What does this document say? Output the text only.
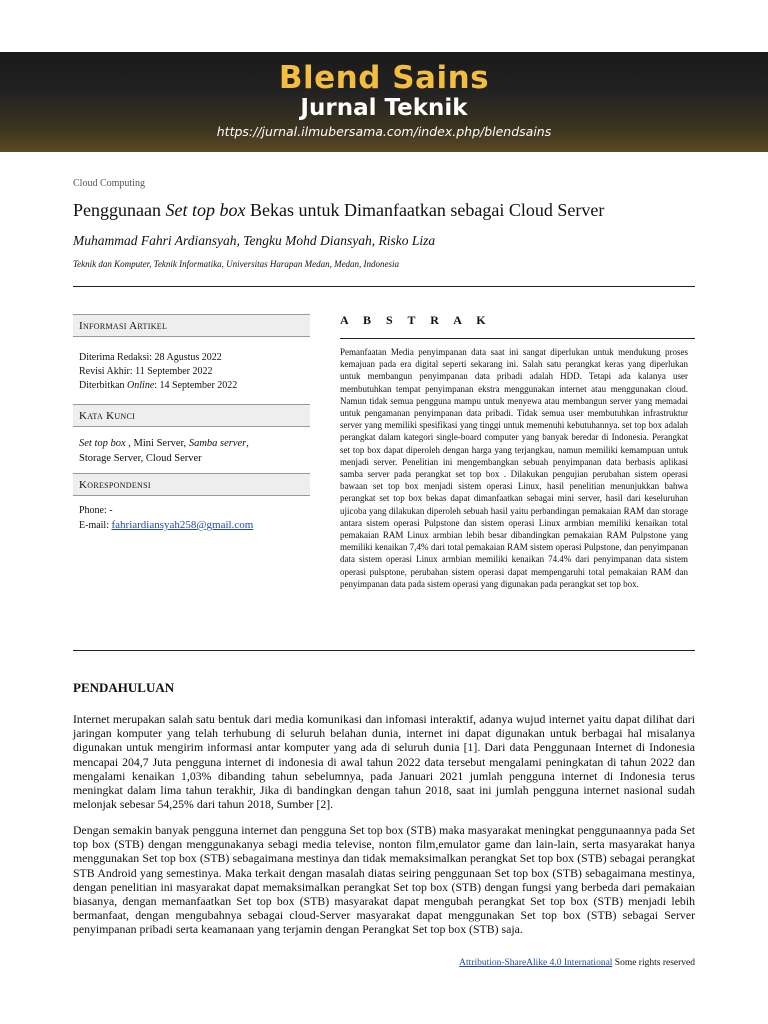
Blend Sains
Jurnal Teknik
https://jurnal.ilmubersama.com/index.php/blendsains
Cloud Computing
Penggunaan Set top box Bekas untuk Dimanfaatkan sebagai Cloud Server
Muhammad Fahri Ardiansyah, Tengku Mohd Diansyah, Risko Liza
Teknik dan Komputer, Teknik Informatika, Universitas Harapan Medan, Medan, Indonesia
Informasi Artikel
Diterima Redaksi: 28 Agustus 2022
Revisi Akhir: 11 September 2022
Diterbitkan Online: 14 September 2022
Kata Kunci
Set top box , Mini Server, Samba server,
Storage Server, Cloud Server
Korespondensi
Phone: -
E-mail: fahriardiansyah258@gmail.com
A B S T R A K
Pemanfaatan Media penyimpanan data saat ini sangat diperlukan untuk mendukung proses kemajuan pada era digital seperti sekarang ini. Salah satu perangkat keras yang diperlukan untuk membangun penyimpanan data pribadi adalah HDD. Tetapi ada kalanya user membutuhkan tempat penyimpanan ekstra menggunakan internet atau menggunakan cloud. Namun tidak semua pengguna mampu untuk menyewa atau membangun server yang memadai untuk pengamanan penyimpanan data pribadi. Tidak semua user membutuhkan infrastruktur server yang memiliki spesifikasi yang tinggi untuk memenuhi kebutuhannya. set top box adalah perangkat dalam kategori single-board computer yang banyak beredar di Indonesia. Perangkat set top box dapat diperoleh dengan harga yang terjangkau, namun memiliki kemampuan untuk menjadi server. Penelitian ini mengembangkan sebuah penyimpanan data berbasis aplikasi samba server pada perangkat set top box . Dilakukan pengujian perubahan sistem operasi bawaan set top box menjadi sistem operasi Linux, hasil penelitian menunjukkan bahwa perangkat set top box bekas dapat dimanfaatkan sebagai mini server, hasil dari keseluruhan ujicoba yang dilakukan diperoleh sebuah hasil yaitu perbandingan pemakaian RAM dan storage antara sistem operasi Pulpstone dan sistem operasi Linux armbian memiliki kenaikan total pemakaian RAM Linux armbian lebih besar dibandingkan pemakaian RAM Pulpstone yang memiliki kenaikan 7,4% dari total pemakaian RAM sistem operasi Pulpstone, dan penyimpanan data sistem operasi Linux armbian memiliki kenaikan 74.4% dari penyimpanan data sistem operasi pulsptone, perubahan sistem operasi dapat mempengaruhi total pemakaian RAM dan penyimpanan data pada sistem operasi yang digunakan pada perangkat set top box.
PENDAHULUAN
Internet merupakan salah satu bentuk dari media komunikasi dan infomasi interaktif, adanya wujud internet yaitu dapat dilihat dari jaringan komputer yang telah terhubung di seluruh belahan dunia, internet ini dapat digunakan untuk berbagai hal misalanya digunakan untuk mengirim informasi antar komputer yang ada di seluruh dunia [1]. Dari data Penggunaan Internet di Indonesia mencapai 204,7 Juta pengguna internet di indonesia di awal tahun 2022 data tersebut mengalami peningkatan di tahun 2022 dan mengalami kenaikan 1,03% dibanding tahun sebelumnya, pada Januari 2021 jumlah pengguna internet di Indonesia terus meningkat dalam lima tahun terakhir, Jika di bandingkan dengan tahun 2018, saat ini jumlah pengguna internet nasional sudah melonjak sebesar 54,25% dari tahun 2018, Sumber [2].
Dengan semakin banyak pengguna internet dan pengguna Set top box (STB) maka masyarakat meningkat penggunaannya pada Set top box (STB) dengan menggunakanya sebagi media televise, nonton film,emulator game dan lain-lain, serta masyarakat hanya menggunakan Set top box (STB) sebagaimana mestinya dan tidak memaksimalkan perangkat Set top box (STB) sebagai perangkat STB Android yang semestinya. Maka terkait dengan masalah diatas seiring penggunaan Set top box (STB) sebagaimana mestinya, dengan penelitian ini masyarakat dapat memaksimalkan perangkat Set top box (STB) dengan fungsi yang berbeda dari pemakaian biasanya, dengan memanfaatkan Set top box (STB) masyarakat dapat mengubah perangkat Set top box (STB) menjadi lebih bermanfaat, dengan mengubahnya sebagai cloud-Server masyarakat dapat menggunakan Set top box (STB) sebagai Server penyimpanan pribadi serta keamanaan yang terjamin dengan Perangkat Set top box (STB) saja.
Attribution-ShareAlike 4.0 International Some rights reserved
